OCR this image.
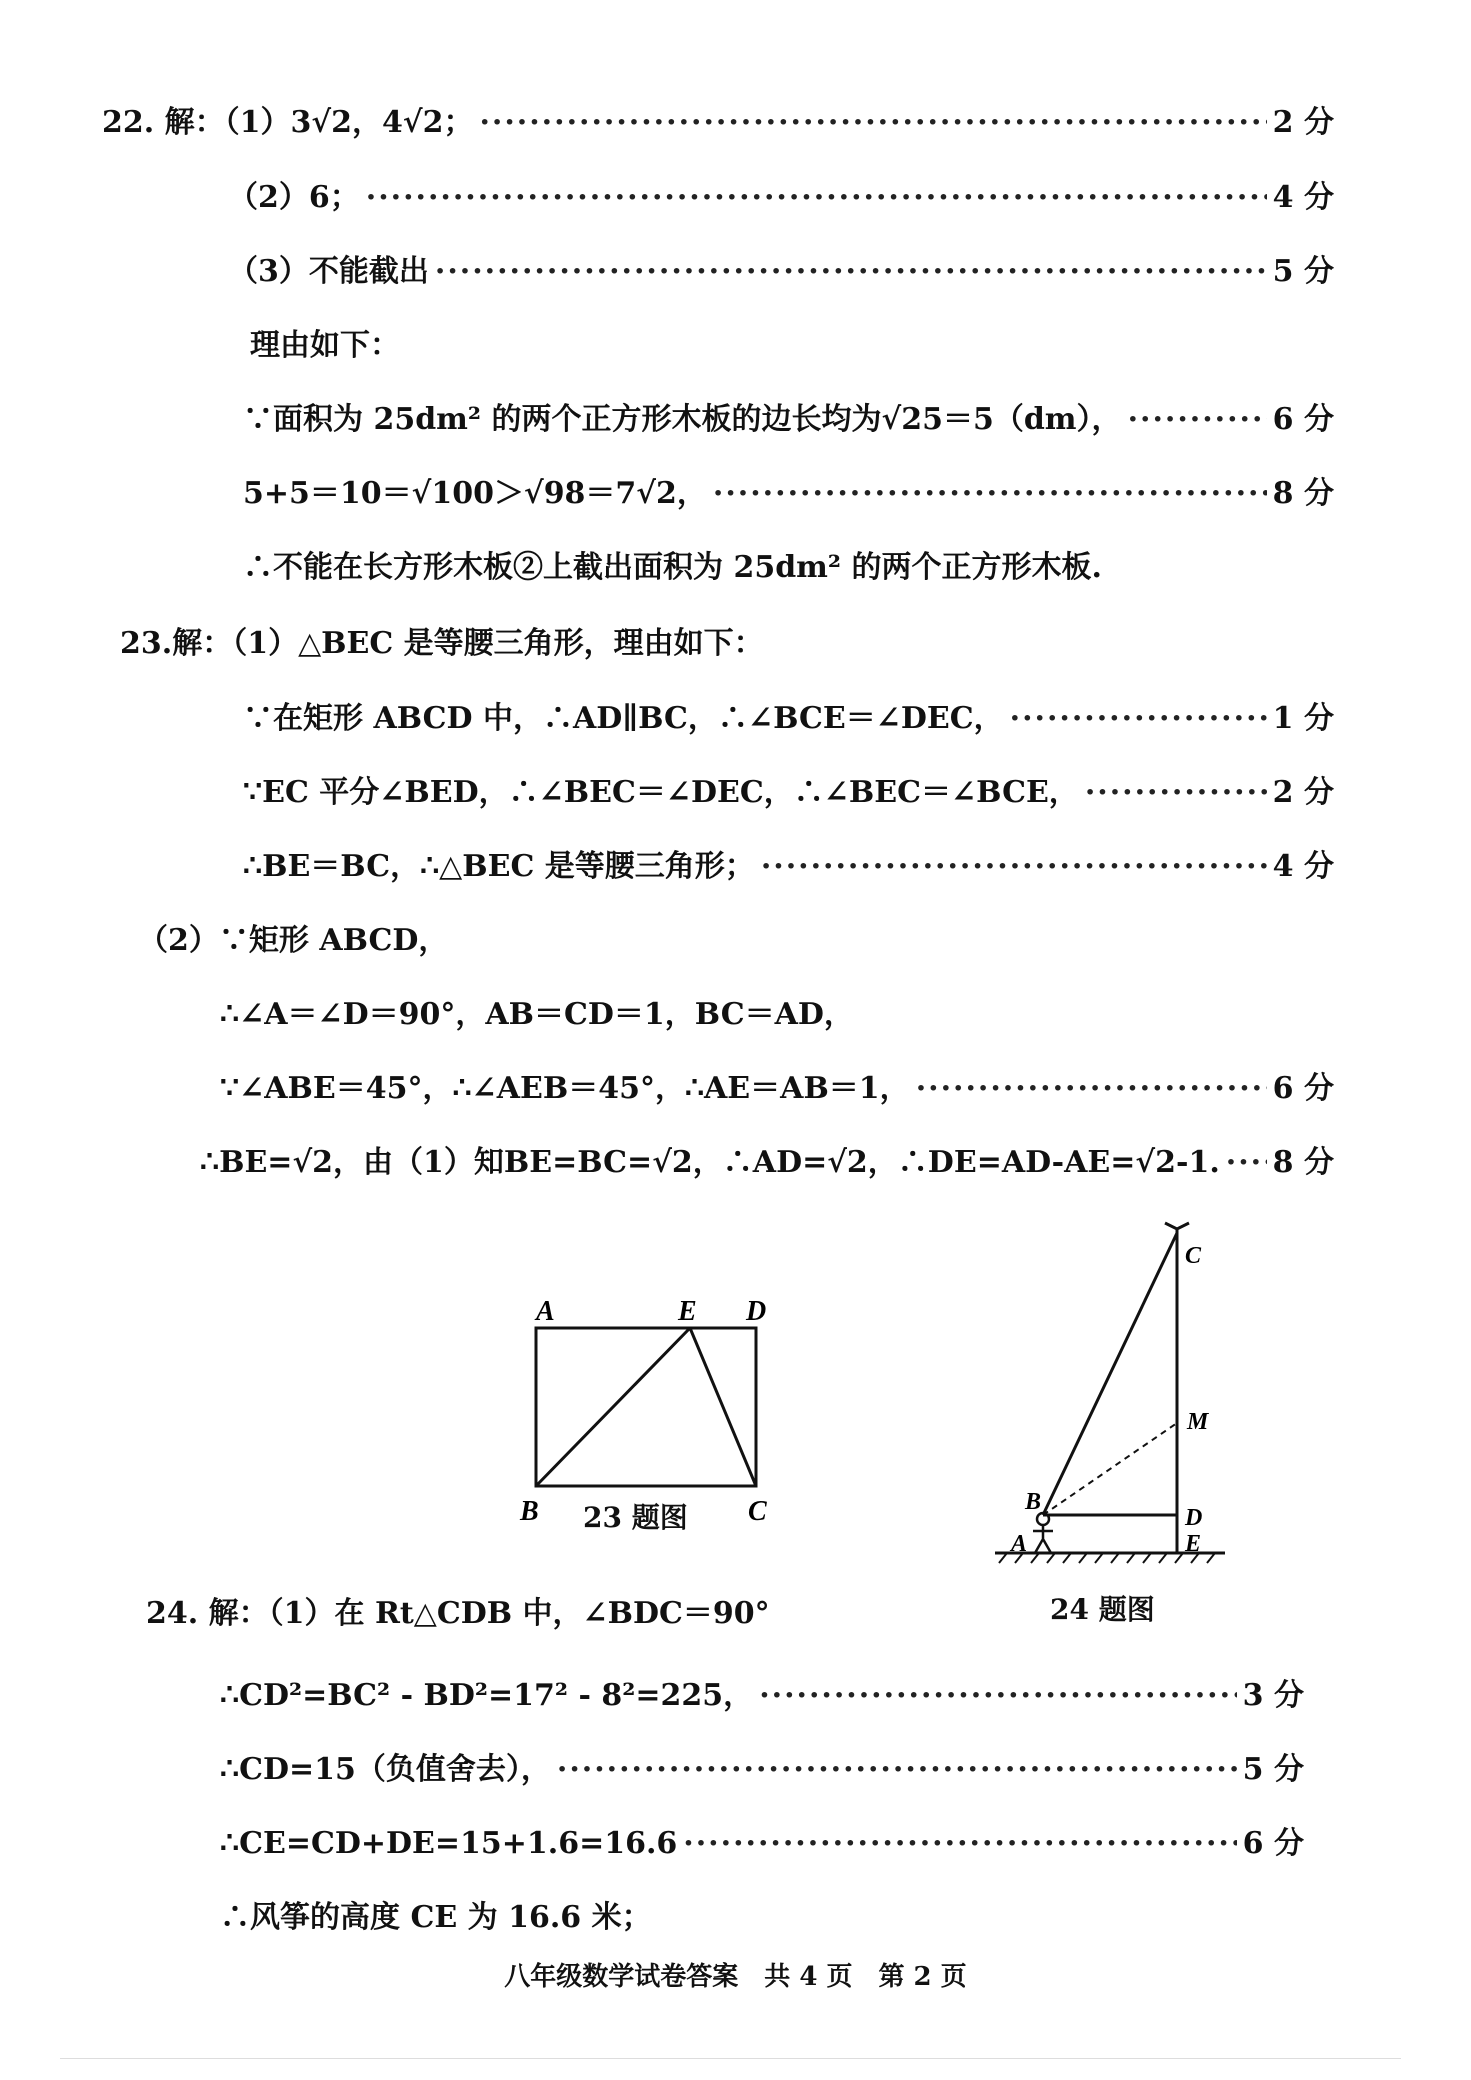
22. 解：（1）3√2，4√2； ·····	2 分
（2）6； ·····	4 分
（3）不能截出 ·····	5 分
理由如下：
∵面积为 25dm² 的两个正方形木板的边长均为√25＝5（dm）， ·····	6 分
5+5＝10＝√100＞√98＝7√2， ·····	8 分
∴不能在长方形木板②上截出面积为 25dm² 的两个正方形木板.
23.解：（1）△BEC 是等腰三角形，理由如下：
∵在矩形 ABCD 中，∴AD∥BC，∴∠BCE＝∠DEC， ·····	1 分
∵EC 平分∠BED，∴∠BEC＝∠DEC，∴∠BEC＝∠BCE， ·····	2 分
∴BE＝BC，∴△BEC 是等腰三角形； ·····	4 分
（2）∵矩形 ABCD，
∴∠A＝∠D＝90°，AB＝CD＝1，BC＝AD，
∵∠ABE＝45°，∴∠AEB＝45°，∴AE＝AB＝1， ·····	6 分
∴BE=√2，由（1）知BE=BC=√2，∴AD=√2，∴DE=AD-AE=√2-1. ····· 8 分
A	E D
B	C
23 题图
C
M
B
D
A	E
24 题图
24. 解：（1）在 Rt△CDB 中，∠BDC＝90°
∴CD²=BC² - BD²=17² - 8²=225， ·····	3 分
∴CD=15（负值舍去）， ·····	5 分
∴CE=CD+DE=15+1.6=16.6 ·····	6 分
∴风筝的高度 CE 为 16.6 米；
八年级数学试卷答案　共 4 页　第 2 页
